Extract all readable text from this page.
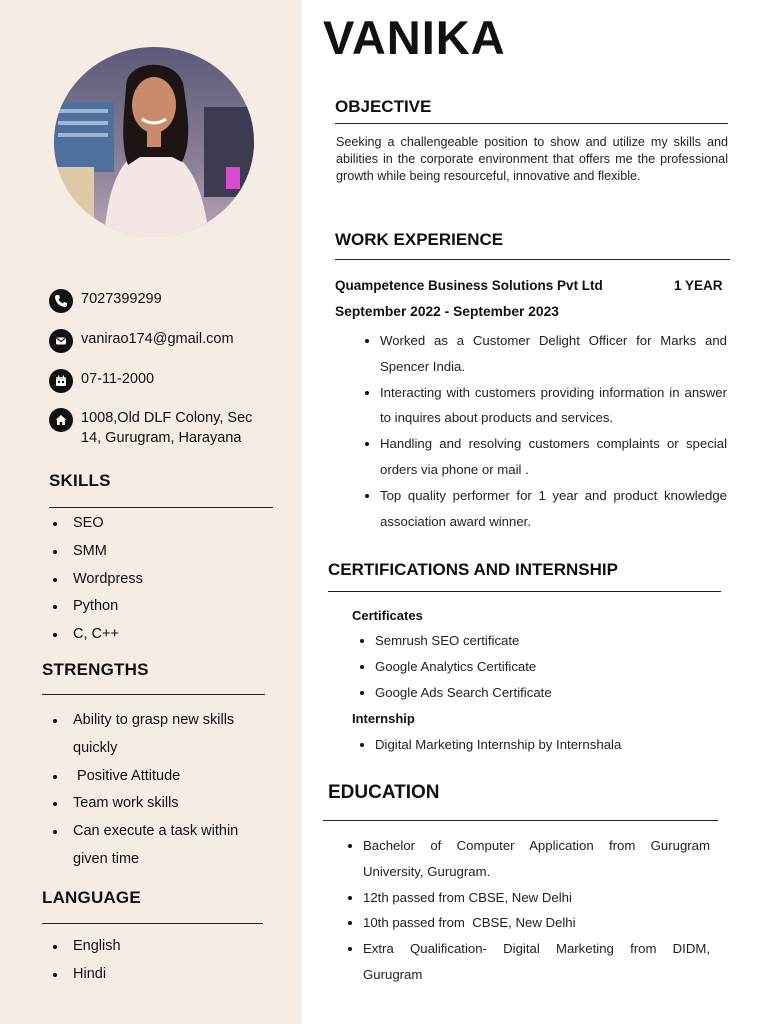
7027399299
vanirao174@gmail.com
07-11-2000
1008,Old DLF Colony, Sec 14, Gurugram, Harayana
SKILLS
SEO
SMM
Wordpress
Python
C, C++
STRENGTHS
Ability to grasp new skills quickly
Positive Attitude
Team work skills
Can execute a task within given time
LANGUAGE
English
Hindi
VANIKA
OBJECTIVE

Seeking a challengeable position to show and utilize my skills and abilities in the corporate environment that offers me the professional growth while being resourceful, innovative and flexible.

WORK EXPERIENCE
Quampetence Business Solutions Pvt Ltd	1 YEAR
September 2022 - September 2023
Worked as a Customer Delight Officer for Marks and Spencer India.
Interacting with customers providing information in answer to inquires about products and services.
Handling and resolving customers complaints or special orders via phone or mail .
Top quality performer for 1 year and product knowledge association award winner.
CERTIFICATIONS AND INTERNSHIP
Certificates
Semrush SEO certificate
Google Analytics Certificate
Google Ads Search Certificate
Internship
Digital Marketing Internship by Internshala
EDUCATION
Bachelor of Computer Application from Gurugram University, Gurugram.
12th passed from CBSE, New Delhi
10th passed from  CBSE, New Delhi
Extra Qualification- Digital Marketing from DIDM, Gurugram
